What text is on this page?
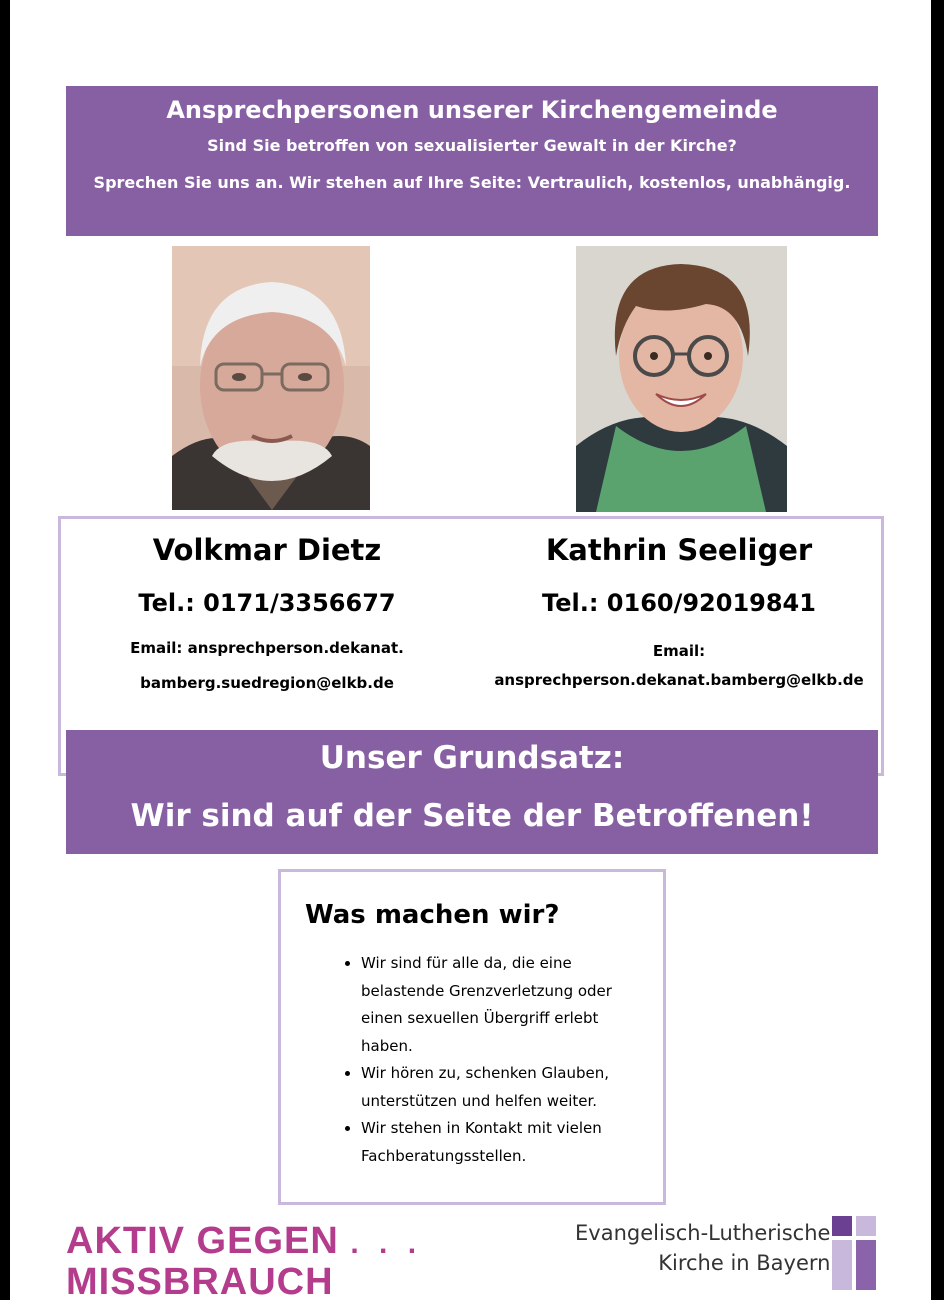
Ansprechpersonen unserer Kirchengemeinde
Sind Sie betroffen von sexualisierter Gewalt in der Kirche?
Sprechen Sie uns an. Wir stehen auf Ihre Seite: Vertraulich, kostenlos, unabhängig.
Volkmar Dietz
Tel.: 0171/3356677
Email: ansprechperson.dekanat.
bamberg.suedregion@elkb.de
Kathrin Seeliger
Tel.: 0160/92019841
Email:
ansprechperson.dekanat.bamberg@elkb.de
Unser Grundsatz:
Wir sind auf der Seite der Betroffenen!
Was machen wir?
• Wir sind für alle da, die eine belastende Grenzverletzung oder einen sexuellen Übergriff erlebt haben.
• Wir hören zu, schenken Glauben, unterstützen und helfen weiter.
• Wir stehen in Kontakt mit vielen Fachberatungsstellen.
AKTIV GEGEN . . .
MISSBRAUCH
Evangelisch-Lutherische
Kirche in Bayern
